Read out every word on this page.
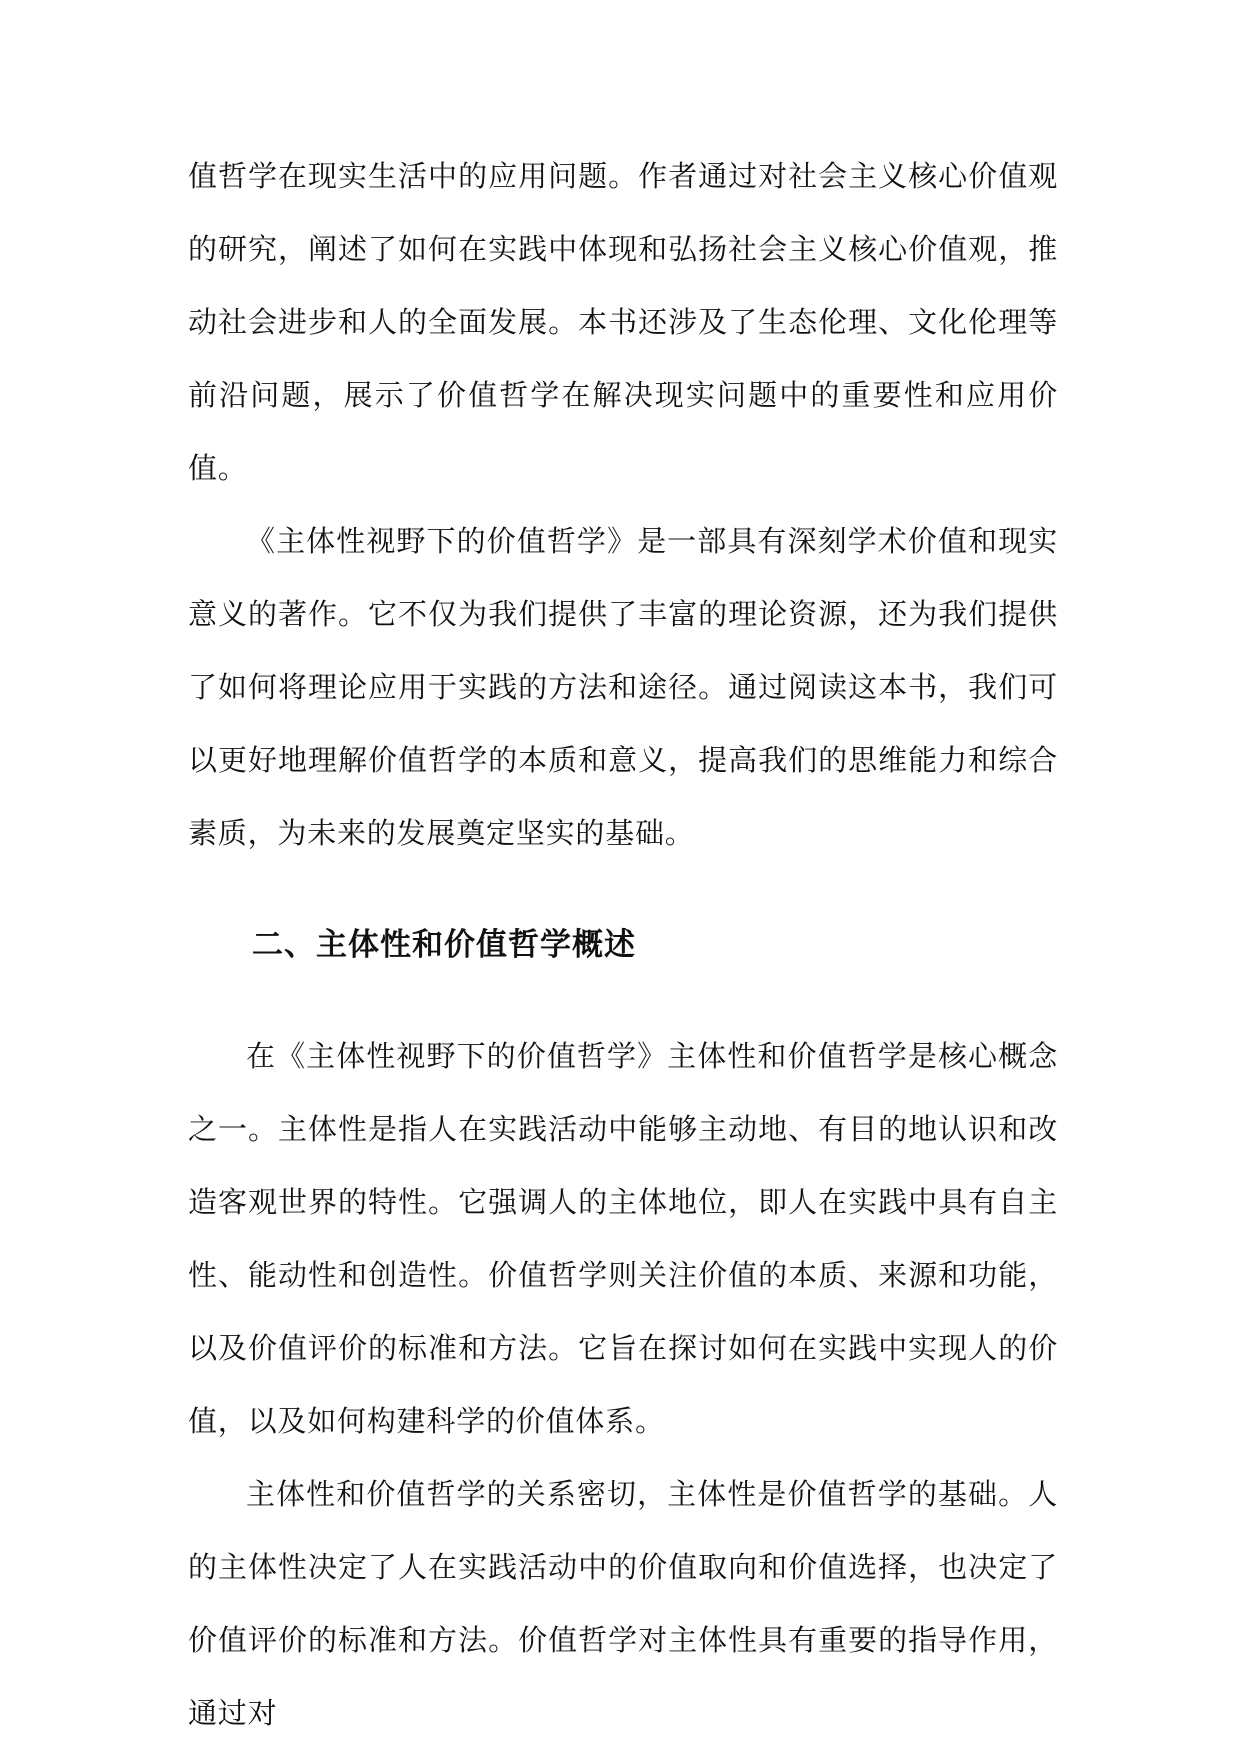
值哲学在现实生活中的应用问题。作者通过对社会主义核心价值观的研究，阐述了如何在实践中体现和弘扬社会主义核心价值观，推动社会进步和人的全面发展。本书还涉及了生态伦理、文化伦理等前沿问题，展示了价值哲学在解决现实问题中的重要性和应用价值。

《主体性视野下的价值哲学》是一部具有深刻学术价值和现实意义的著作。它不仅为我们提供了丰富的理论资源，还为我们提供了如何将理论应用于实践的方法和途径。通过阅读这本书，我们可以更好地理解价值哲学的本质和意义，提高我们的思维能力和综合素质，为未来的发展奠定坚实的基础。

二、主体性和价值哲学概述

在《主体性视野下的价值哲学》主体性和价值哲学是核心概念之一。主体性是指人在实践活动中能够主动地、有目的地认识和改造客观世界的特性。它强调人的主体地位，即人在实践中具有自主性、能动性和创造性。价值哲学则关注价值的本质、来源和功能，以及价值评价的标准和方法。它旨在探讨如何在实践中实现人的价值，以及如何构建科学的价值体系。

主体性和价值哲学的关系密切，主体性是价值哲学的基础。人的主体性决定了人在实践活动中的价值取向和价值选择，也决定了价值评价的标准和方法。价值哲学对主体性具有重要的指导作用，通过对
